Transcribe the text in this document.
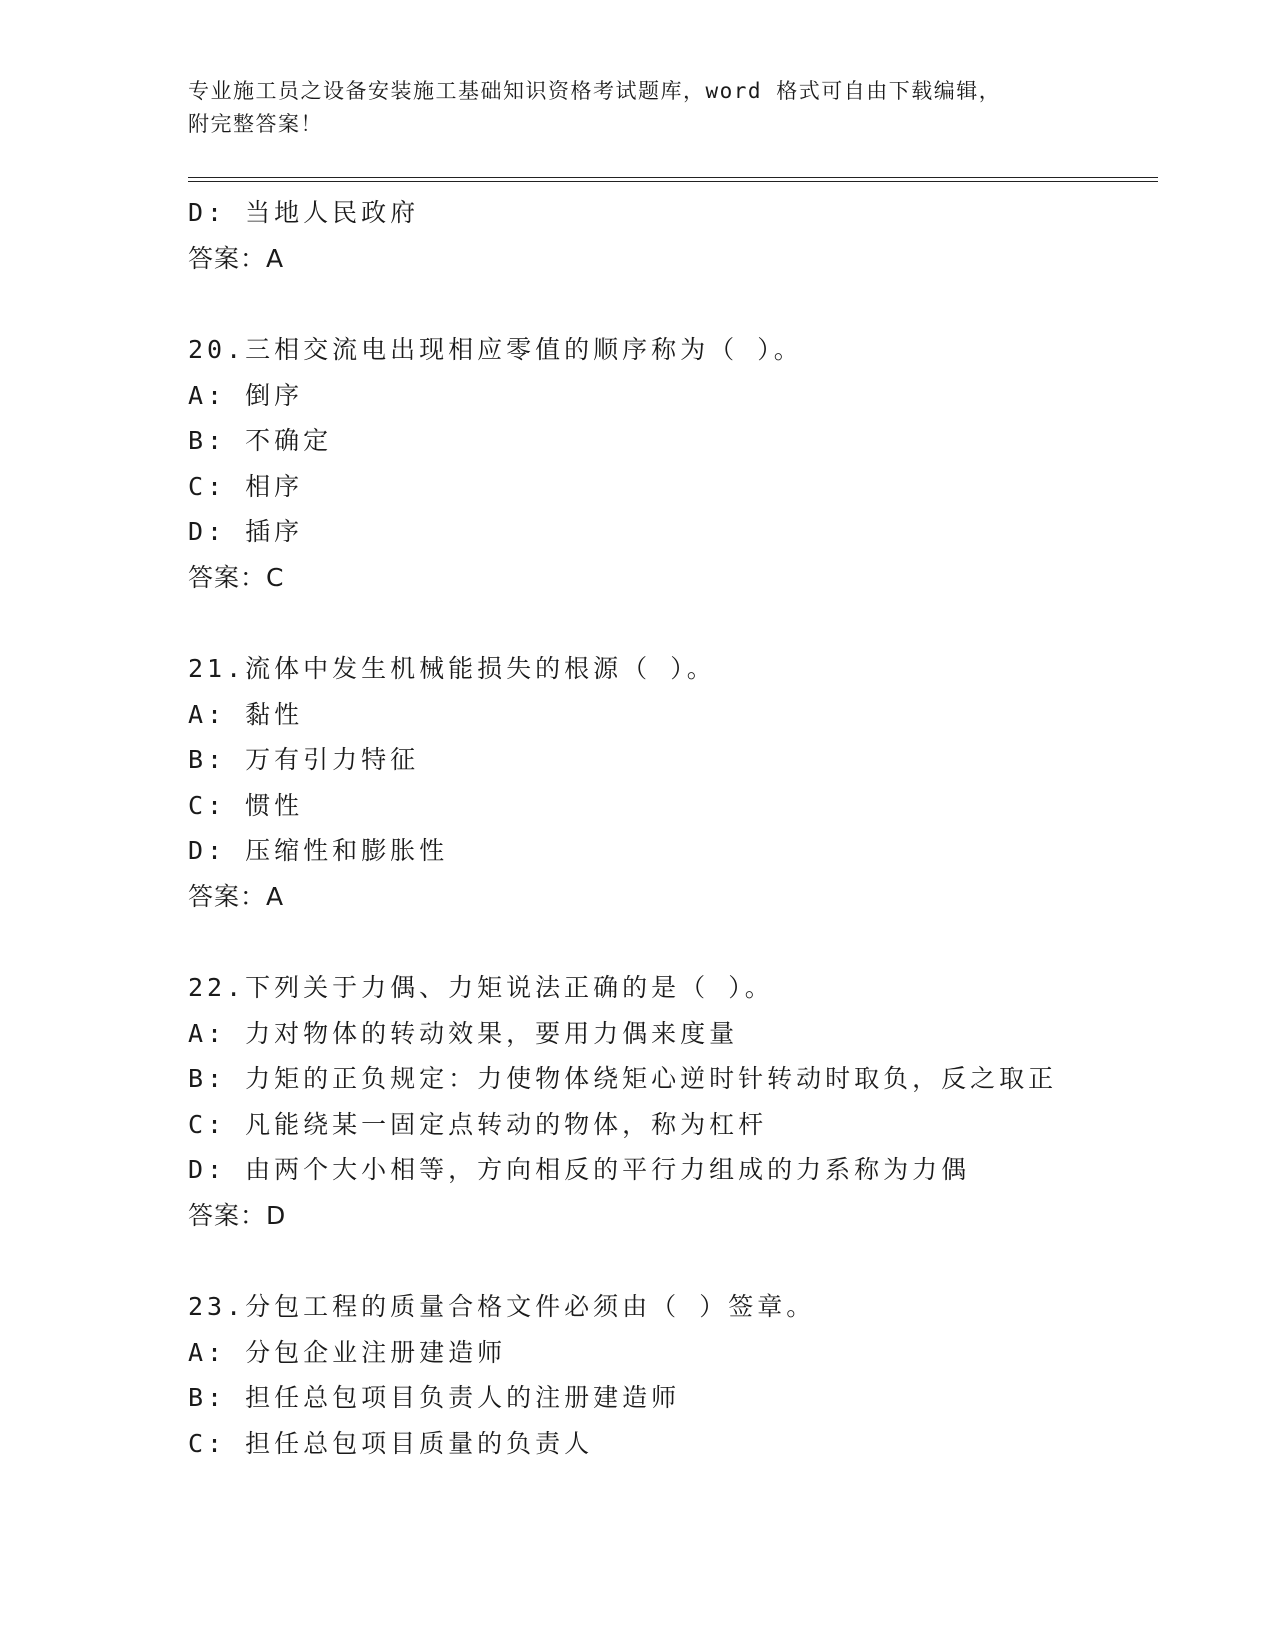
专业施工员之设备安装施工基础知识资格考试题库，word 格式可自由下载编辑，
附完整答案！
D: 当地人民政府
答案：A
20.三相交流电出现相应零值的顺序称为（ ）。
A: 倒序
B: 不确定
C: 相序
D: 插序
答案：C
21.流体中发生机械能损失的根源（ ）。
A: 黏性
B: 万有引力特征
C: 惯性
D: 压缩性和膨胀性
答案：A
22.下列关于力偶、力矩说法正确的是（ ）。
A: 力对物体的转动效果，要用力偶来度量
B: 力矩的正负规定：力使物体绕矩心逆时针转动时取负，反之取正
C: 凡能绕某一固定点转动的物体，称为杠杆
D: 由两个大小相等，方向相反的平行力组成的力系称为力偶
答案：D
23.分包工程的质量合格文件必须由（ ）签章。
A: 分包企业注册建造师
B: 担任总包项目负责人的注册建造师
C: 担任总包项目质量的负责人
